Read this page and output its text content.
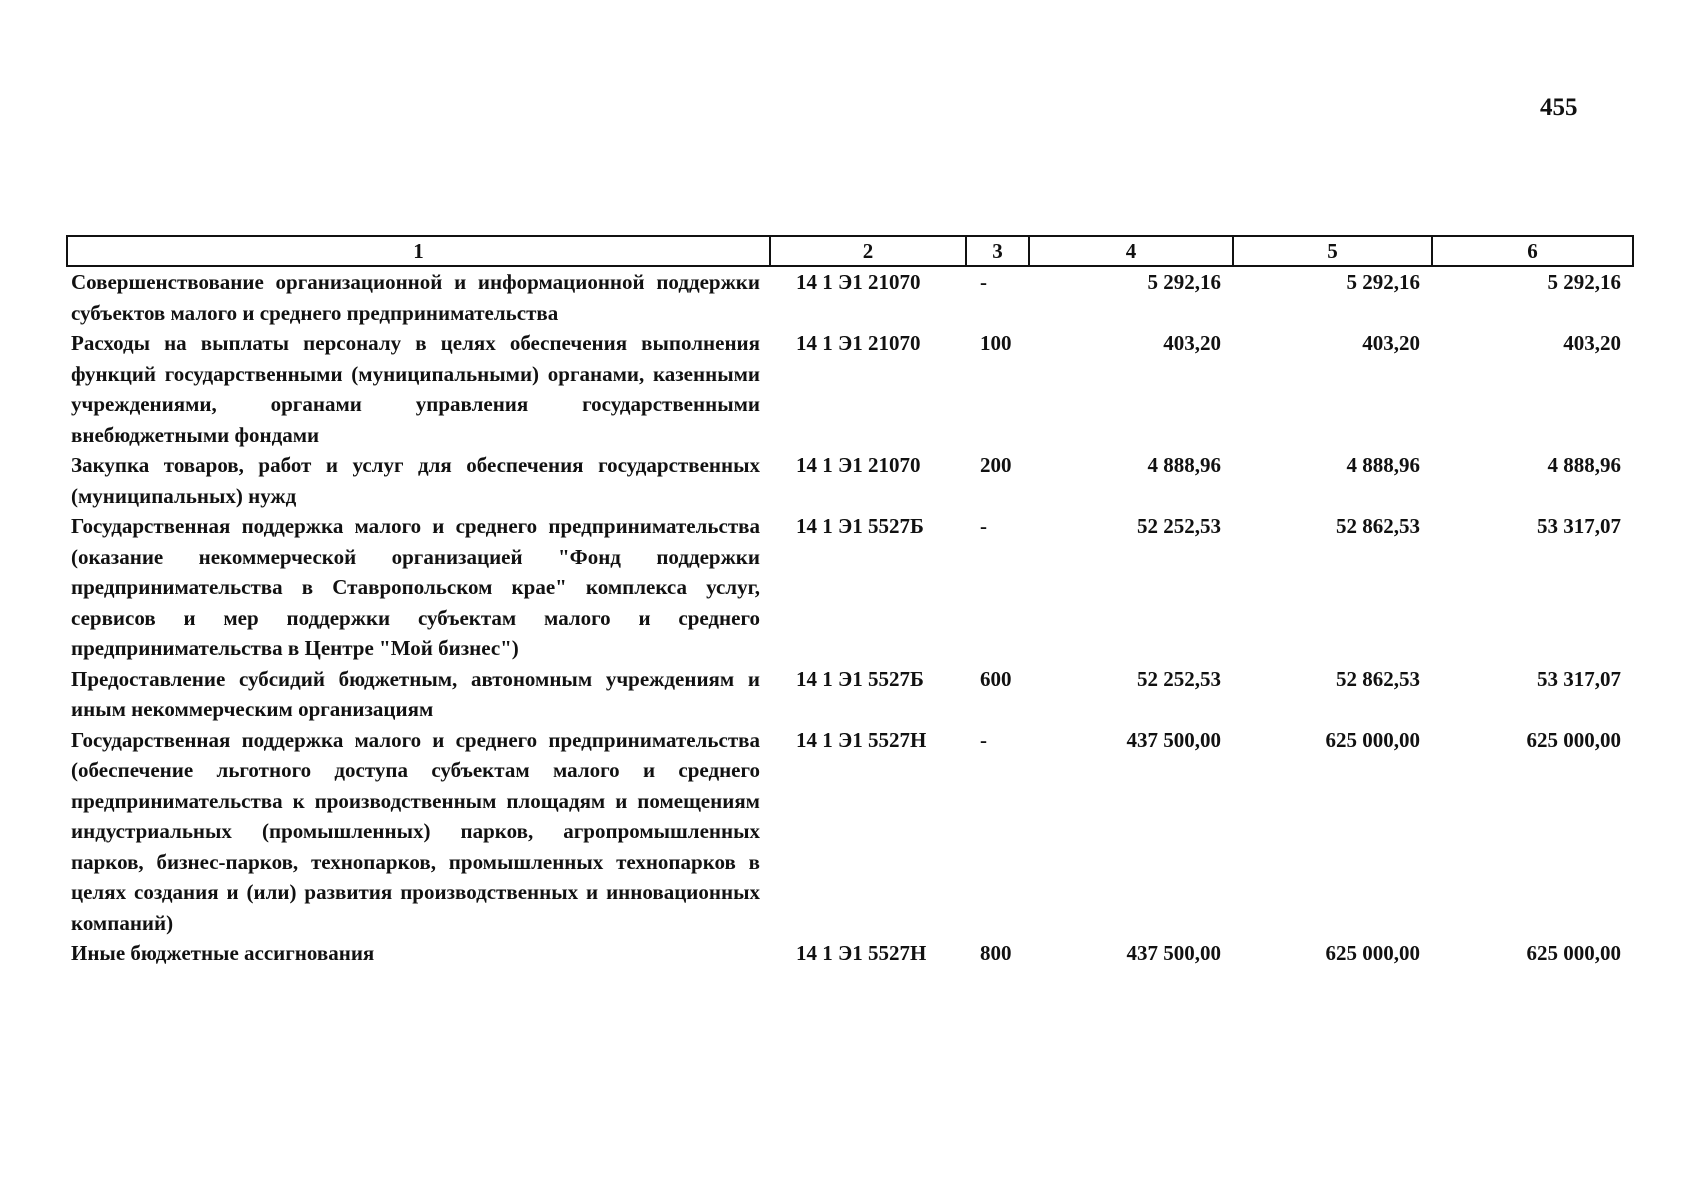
455
1	2	3	4	5	6
Совершенствование организационной и информационной поддержки субъектов малого и среднего предпринимательства	14 1 Э1 21070	-	5 292,16	5 292,16	5 292,16
Расходы на выплаты персоналу в целях обеспечения выполнения функций государственными (муниципальными) органами, казенными учреждениями, органами управления государственными внебюджетными фондами	14 1 Э1 21070	100	403,20	403,20	403,20
Закупка товаров, работ и услуг для обеспечения государственных (муниципальных) нужд	14 1 Э1 21070	200	4 888,96	4 888,96	4 888,96
Государственная поддержка малого и среднего предпринимательства (оказание некоммерческой организацией "Фонд поддержки предпринимательства в Ставропольском крае" комплекса услуг, сервисов и мер поддержки субъектам малого и среднего предпринимательства в Центре "Мой бизнес")	14 1 Э1 5527Б	-	52 252,53	52 862,53	53 317,07
Предоставление субсидий бюджетным, автономным учреждениям и иным некоммерческим организациям	14 1 Э1 5527Б	600	52 252,53	52 862,53	53 317,07
Государственная поддержка малого и среднего предпринимательства (обеспечение льготного доступа субъектам малого и среднего предпринимательства к производственным площадям и помещениям индустриальных (промышленных) парков, агропромышленных парков, бизнес-парков, технопарков, промышленных технопарков в целях создания и (или) развития производственных и инновационных компаний)	14 1 Э1 5527Н	-	437 500,00	625 000,00	625 000,00
Иные бюджетные ассигнования	14 1 Э1 5527Н	800	437 500,00	625 000,00	625 000,00
